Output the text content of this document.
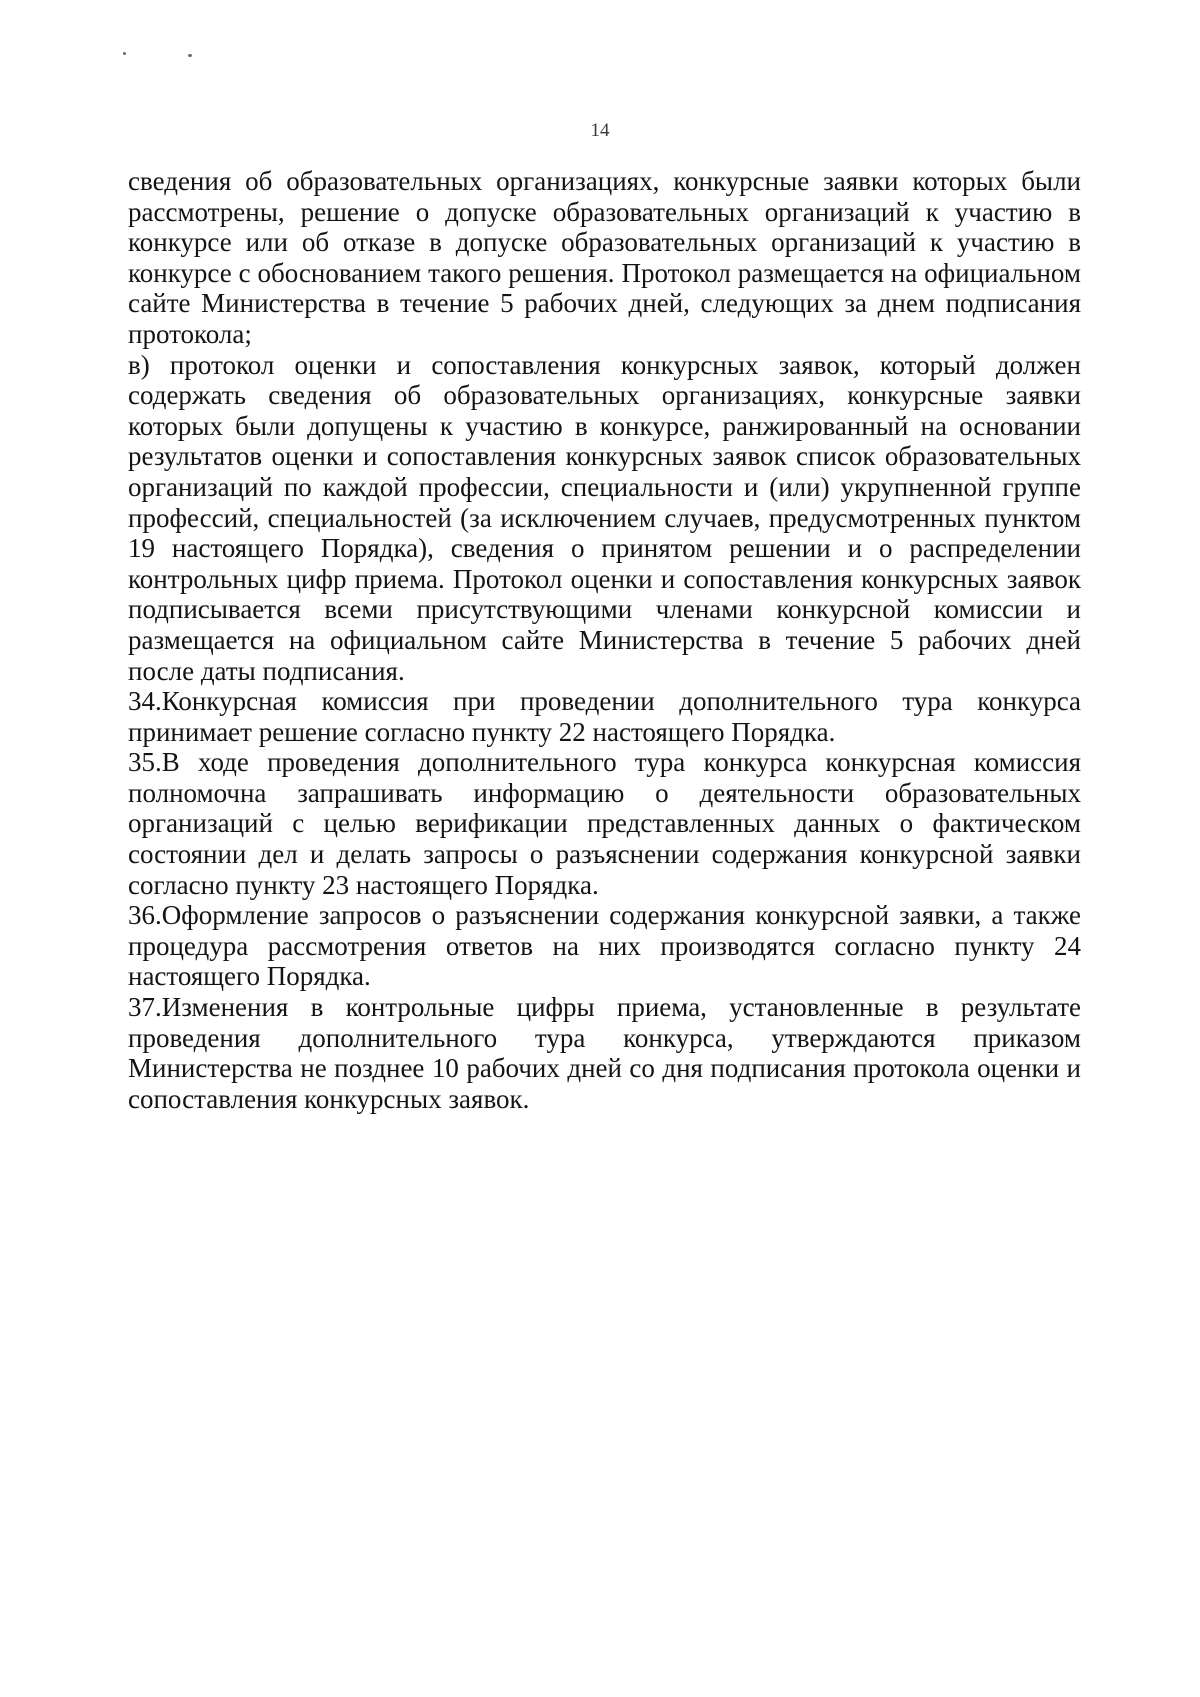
14

сведения об образовательных организациях, конкурсные заявки которых были рассмотрены, решение о допуске образовательных организаций к участию в конкурсе или об отказе в допуске образовательных организаций к участию в конкурсе с обоснованием такого решения. Протокол размещается на официальном сайте Министерства в течение 5 рабочих дней, следующих за днем подписания протокола;

в) протокол оценки и сопоставления конкурсных заявок, который должен содержать сведения об образовательных организациях, конкурсные заявки которых были допущены к участию в конкурсе, ранжированный на основании результатов оценки и сопоставления конкурсных заявок список образовательных организаций по каждой профессии, специальности и (или) укрупненной группе профессий, специальностей (за исключением случаев, предусмотренных пунктом 19 настоящего Порядка), сведения о принятом решении и о распределении контрольных цифр приема. Протокол оценки и сопоставления конкурсных заявок подписывается всеми присутствующими членами конкурсной комиссии и размещается на официальном сайте Министерства в течение 5 рабочих дней после даты подписания.

34.Конкурсная комиссия при проведении дополнительного тура конкурса принимает решение согласно пункту 22 настоящего Порядка.

35.В ходе проведения дополнительного тура конкурса конкурсная комиссия полномочна запрашивать информацию о деятельности образовательных организаций с целью верификации представленных данных о фактическом состоянии дел и делать запросы о разъяснении содержания конкурсной заявки согласно пункту 23 настоящего Порядка.

36.Оформление запросов о разъяснении содержания конкурсной заявки, а также процедура рассмотрения ответов на них производятся согласно пункту 24 настоящего Порядка.

37.Изменения в контрольные цифры приема, установленные в результате проведения дополнительного тура конкурса, утверждаются приказом Министерства не позднее 10 рабочих дней со дня подписания протокола оценки и сопоставления конкурсных заявок.
